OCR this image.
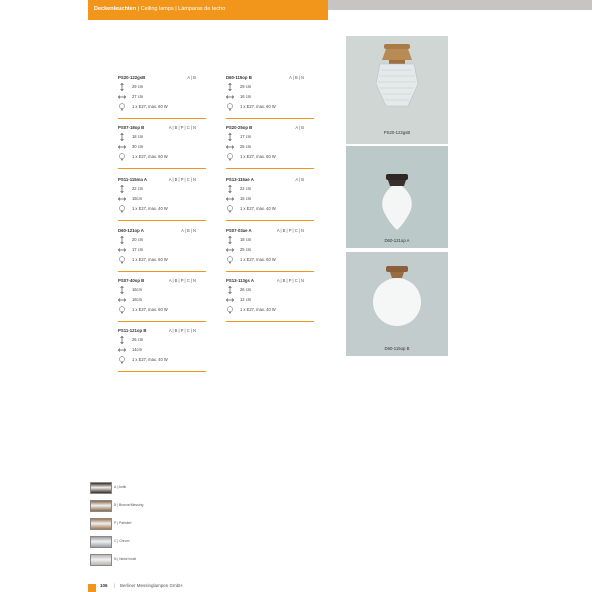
Deckenleuchten | Ceiling lamps | Lámparas de techo
PS20-122gsB	A | B
29 cm
27 cm
1 x E27, max. 60 W
PS07-18op B	A | B | P | C | N
18 cm
30 cm
1 x E27, max. 60 W
PS11-115ma A	A | B | P | C | N
22 cm
15cm
1 x E27, max. 40 W
D60-121op A	A | B | N
20 cm
17 cm
1 x E27, max. 60 W
PS07-40op B	A | B | P | C | N
16cm
16cm
1 x E27, max. 60 W
PS11-121op B	A | B | P | C | N
26 cm
14cm
1 x E27, max. 40 W
D60-115op B	A | B | N
29 cm
16 cm
1 x E27, max. 60 W
PS20-25op B	A | B
17 cm
25 cm
1 x E27, max. 60 W
PS13-115ae A	A | B
22 cm
15 cm
1 x E27, max. 40 W
PS07-03ae A	A | B | P | C | N
18 cm
25 cm
1 x E27, max. 60 W
PS13-113gs A	A | B | P | C | N
26 cm
12 cm
1 x E27, max. 40 W
PS20-122gsB
D60-121op A
D60-115op B
A | Antik
B | Bronze/Messing
P | Patiniert
C | Chrom
N | Nickel matt
106 | Berliner Messinglampen GmbH
